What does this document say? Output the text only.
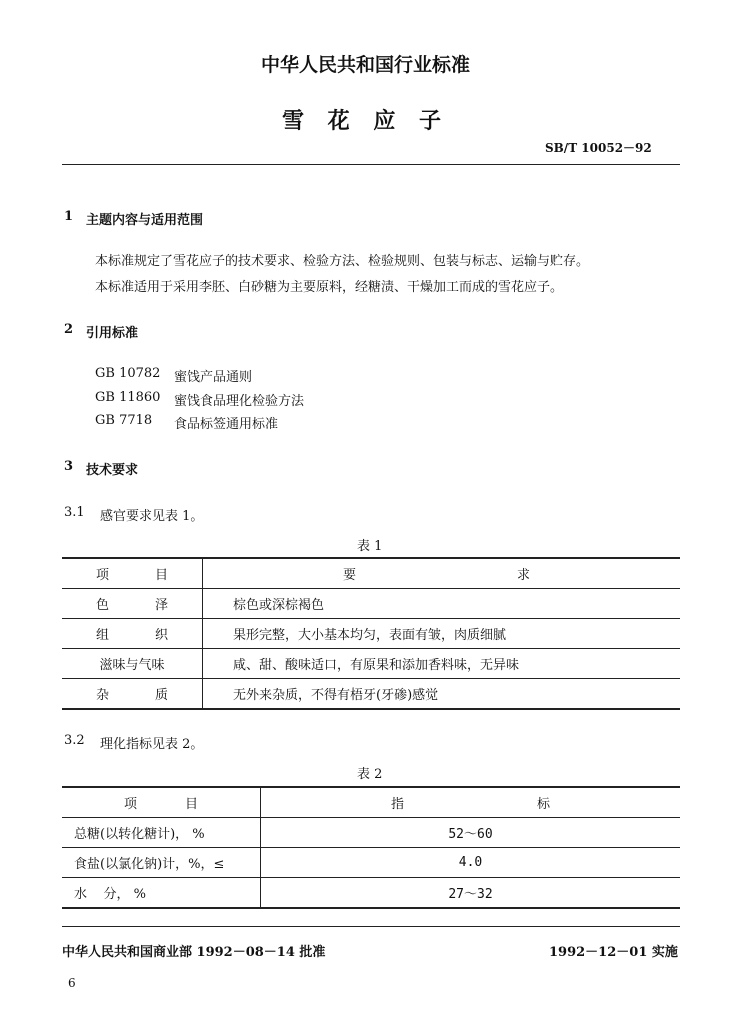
中华人民共和国行业标准
雪 花 应 子
SB/T 10052－92
1 主题内容与适用范围
本标准规定了雪花应子的技术要求、检验方法、检验规则、包装与标志、运输与贮存。
本标准适用于采用李胚、白砂糖为主要原料，经糖渍、干燥加工而成的雪花应子。
2 引用标准
GB 10782 蜜饯产品通则
GB 11860 蜜饯食品理化检验方法
GB 7718 食品标签通用标准
3 技术要求
3.1 感官要求见表 1。
表 1
项 目	要 求

色 泽	棕色或深棕褐色

组 织	果形完整，大小基本均匀，表面有皱，肉质细腻
滋味与气味	咸、甜、酸味适口，有原果和添加香料味，无异味

杂 质	无外来杂质，不得有梧牙(牙碜)感觉
3.2 理化指标见表 2。
表 2
项 目	指 标

总糖(以转化糖计)， %	52～60
食盐(以氯化钠)计，%，≤	4.0
水    分， %	27～32
中华人民共和国商业部 1992－08－14 批准	1992－12－01 实施
6
